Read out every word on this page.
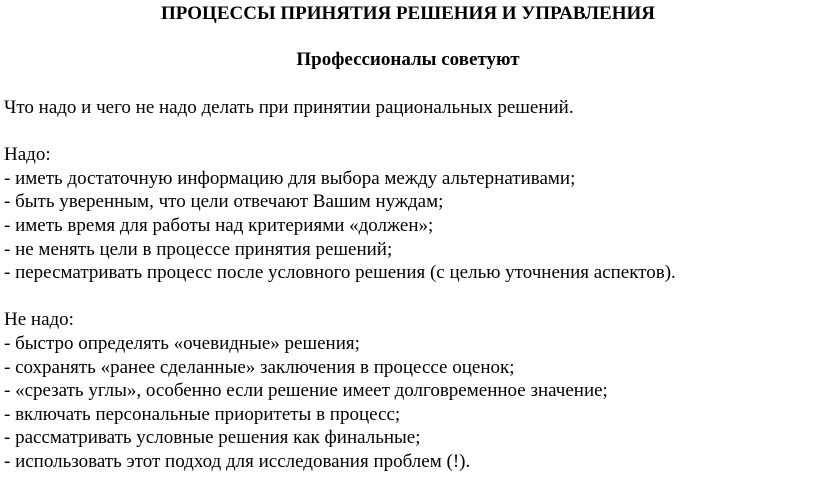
ПРОЦЕССЫ ПРИНЯТИЯ РЕШЕНИЯ И УПРАВЛЕНИЯ
Профессионалы советуют
Что надо и чего не надо делать при принятии рациональных решений.
Надо:
- иметь достаточную информацию для выбора между альтернативами;
- быть уверенным, что цели отвечают Вашим нуждам;
- иметь время для работы над критериями «должен»;
- не менять цели в процессе принятия решений;
- пересматривать процесс после условного решения (с целью уточнения аспектов).
Не надо:
- быстро определять «очевидные» решения;
- сохранять «ранее сделанные» заключения в процессе оценок;
- «срезать углы», особенно если решение имеет долговременное значение;
- включать персональные приоритеты в процесс;
- рассматривать условные решения как финальные;
- использовать этот подход для исследования проблем (!).
